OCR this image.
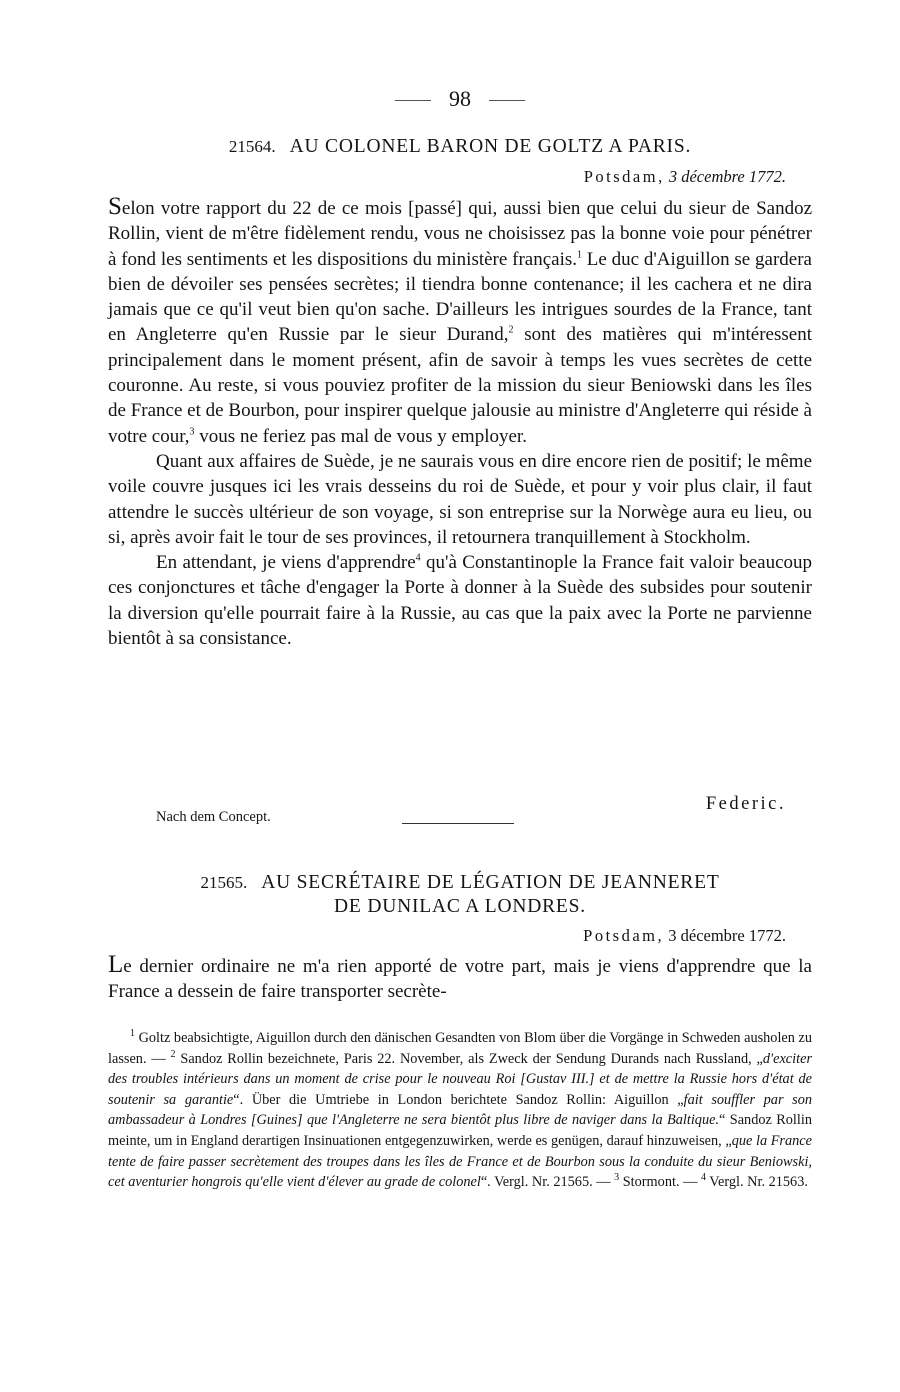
98
21564. AU COLONEL BARON DE GOLTZ A PARIS.
Potsdam, 3 décembre 1772.

Selon votre rapport du 22 de ce mois [passé] qui, aussi bien que celui du sieur de Sandoz Rollin, vient de m'être fidèlement rendu, vous ne choisissez pas la bonne voie pour pénétrer à fond les sentiments et les dispositions du ministère français.$^1$ Le duc d'Aiguillon se gardera bien de dévoiler ses pensées secrètes; il tiendra bonne contenance; il les cachera et ne dira jamais que ce qu'il veut bien qu'on sache. D'ailleurs les intrigues sourdes de la France, tant en Angleterre qu'en Russie par le sieur Durand,$^2$ sont des matières qui m'intéressent principalement dans le moment présent, afin de savoir à temps les vues secrètes de cette couronne. Au reste, si vous pouviez profiter de la mission du sieur Beniowski dans les îles de France et de Bourbon, pour inspirer quelque jalousie au ministre d'Angleterre qui réside à votre cour,$^3$ vous ne feriez pas mal de vous y employer.

Quant aux affaires de Suède, je ne saurais vous en dire encore rien de positif; le même voile couvre jusques ici les vrais desseins du roi de Suède, et pour y voir plus clair, il faut attendre le succès ultérieur de son voyage, si son entreprise sur la Norwège aura eu lieu, ou si, après avoir fait le tour de ses provinces, il retournera tranquillement à Stockholm.

En attendant, je viens d'apprendre$^4$ qu'à Constantinople la France fait valoir beaucoup ces conjonctures et tâche d'engager la Porte à donner à la Suède des subsides pour soutenir la diversion qu'elle pourrait faire à la Russie, au cas que la paix avec la Porte ne parvienne bientôt à sa consistance.

Federic.
Nach dem Concept.
21565. AU SECRÉTAIRE DE LÉGATION DE JEANNERET
DE DUNILAC A LONDRES.
Potsdam, 3 décembre 1772.

Le dernier ordinaire ne m'a rien apporté de votre part, mais je viens d'apprendre que la France a dessein de faire transporter secrète-

$^1$ Goltz beabsichtigte, Aiguillon durch den dänischen Gesandten von Blom über die Vorgänge in Schweden ausholen zu lassen. — $^2$ Sandoz Rollin bezeichnete, Paris 22. November, als Zweck der Sendung Durands nach Russland, „d'exciter des troubles intérieurs dans un moment de crise pour le nouveau Roi [Gustav III.] et de mettre la Russie hors d'état de soutenir sa garantie“. Über die Umtriebe in London berichtete Sandoz Rollin: Aiguillon „fait souffler par son ambassadeur à Londres [Guines] que l'Angleterre ne sera bientôt plus libre de naviger dans la Baltique.“ Sandoz Rollin meinte, um in England derartigen Insinuationen entgegenzuwirken, werde es genügen, darauf hinzuweisen, „que la France tente de faire passer secrètement des troupes dans les îles de France et de Bourbon sous la conduite du sieur Beniowski, cet aventurier hongrois qu'elle vient d'élever au grade de colonel“. Vergl. Nr. 21565. — $^3$ Stormont. — $^4$ Vergl. Nr. 21563.
